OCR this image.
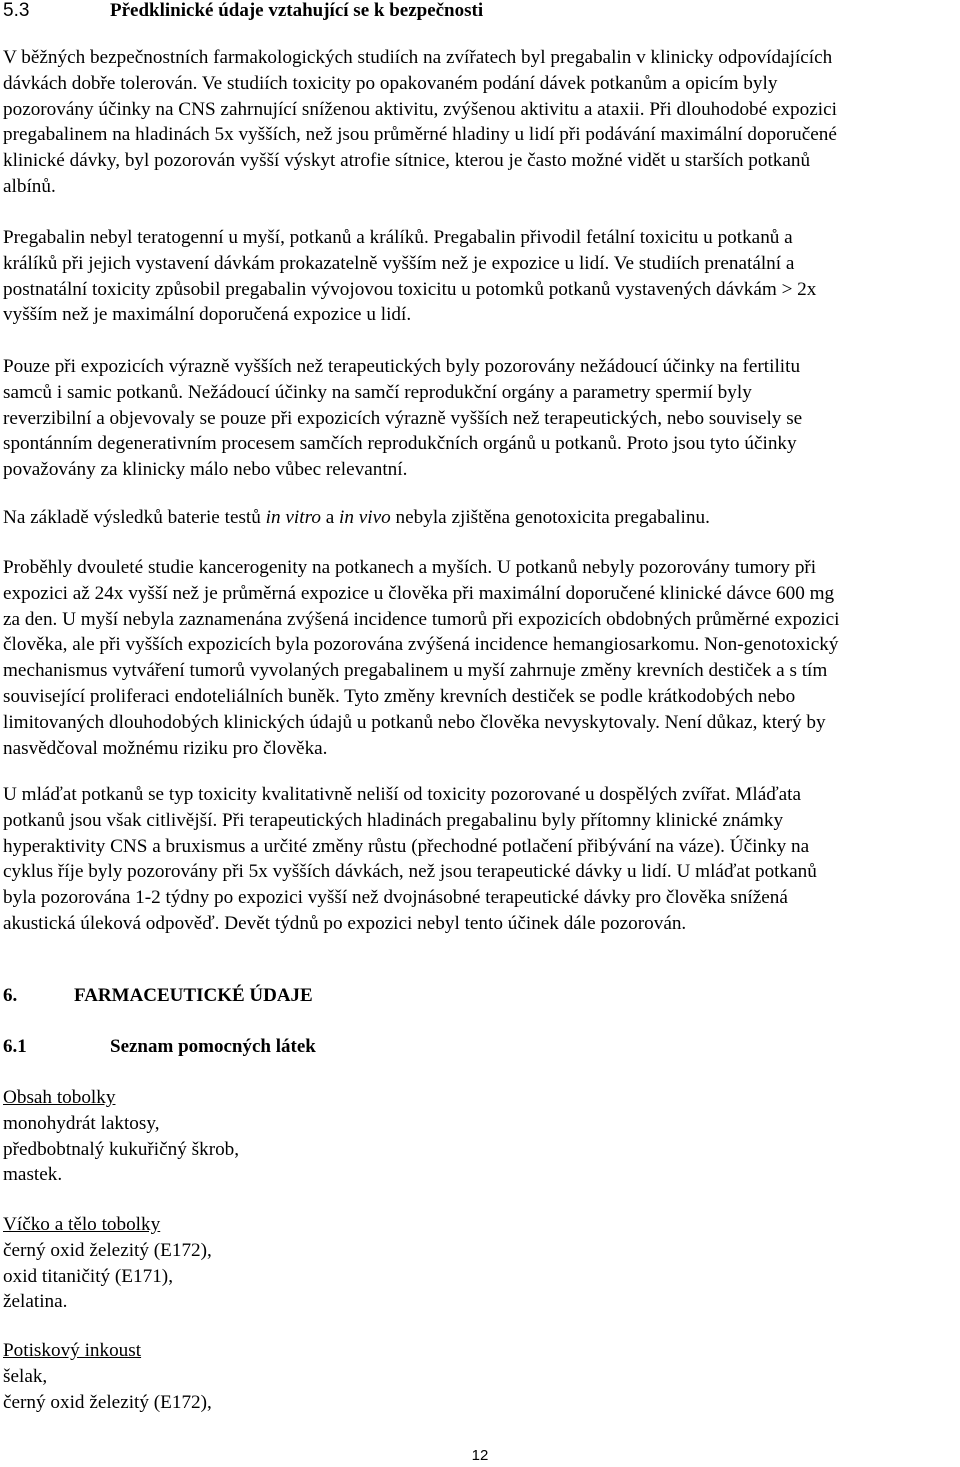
5.3	Předklinické údaje vztahující se k bezpečnosti
V běžných bezpečnostních farmakologických studiích na zvířatech byl pregabalin v klinicky odpovídajících
dávkách dobře tolerován. Ve studiích toxicity po opakovaném podání dávek potkanům a opicím byly
pozorovány účinky na CNS zahrnující sníženou aktivitu, zvýšenou aktivitu a ataxii. Při dlouhodobé expozici
pregabalinem na hladinách 5x vyšších, než jsou průměrné hladiny u lidí při podávání maximální doporučené
klinické dávky, byl pozorován vyšší výskyt atrofie sítnice, kterou je často možné vidět u starších potkanů
albínů.
Pregabalin nebyl teratogenní u myší, potkanů a králíků. Pregabalin přivodil fetální toxicitu u potkanů a
králíků při jejich vystavení dávkám prokazatelně vyšším než je expozice u lidí. Ve studiích prenatální a
postnatální toxicity způsobil pregabalin vývojovou toxicitu u potomků potkanů vystavených dávkám > 2x
vyšším než je maximální doporučená expozice u lidí.
Pouze při expozicích výrazně vyšších než terapeutických byly pozorovány nežádoucí účinky na fertilitu
samců i samic potkanů. Nežádoucí účinky na samčí reprodukční orgány a parametry spermií byly
reverzibilní a objevovaly se pouze při expozicích výrazně vyšších než terapeutických, nebo souvisely se
spontánním degenerativním procesem samčích reprodukčních orgánů u potkanů. Proto jsou tyto účinky
považovány za klinicky málo nebo vůbec relevantní.
Na základě výsledků baterie testů in vitro a in vivo nebyla zjištěna genotoxicita pregabalinu.
Proběhly dvouleté studie kancerogenity na potkanech a myších. U potkanů nebyly pozorovány tumory při
expozici až 24x vyšší než je průměrná expozice u člověka při maximální doporučené klinické dávce 600 mg
za den. U myší nebyla zaznamenána zvýšená incidence tumorů při expozicích obdobných průměrné expozici
člověka, ale při vyšších expozicích byla pozorována zvýšená incidence hemangiosarkomu. Non-genotoxický
mechanismus vytváření tumorů vyvolaných pregabalinem u myší zahrnuje změny krevních destiček a s tím
související proliferaci endoteliálních buněk. Tyto změny krevních destiček se podle krátkodobých nebo
limitovaných dlouhodobých klinických údajů u potkanů nebo člověka nevyskytovaly. Není důkaz, který by
nasvědčoval možnému riziku pro člověka.
U mláďat potkanů se typ toxicity kvalitativně neliší od toxicity pozorované u dospělých zvířat. Mláďata
potkanů jsou však citlivější. Při terapeutických hladinách pregabalinu byly přítomny klinické známky
hyperaktivity CNS a bruxismus a určité změny růstu (přechodné potlačení přibývání na váze). Účinky na
cyklus říje byly pozorovány při 5x vyšších dávkách, než jsou terapeutické dávky u lidí. U mláďat potkanů
byla pozorována 1-2 týdny po expozici vyšší než dvojnásobné terapeutické dávky pro člověka snížená
akustická úleková odpověď. Devět týdnů po expozici nebyl tento účinek dále pozorován.
6.	FARMACEUTICKÉ ÚDAJE
6.1	Seznam pomocných látek
Obsah tobolky
monohydrát laktosy,
předbobtnalý kukuřičný škrob,
mastek.
Víčko a tělo tobolky
černý oxid železitý (E172),
oxid titaničitý (E171),
želatina.
Potiskový inkoust
šelak,
černý oxid železitý (E172),
12
